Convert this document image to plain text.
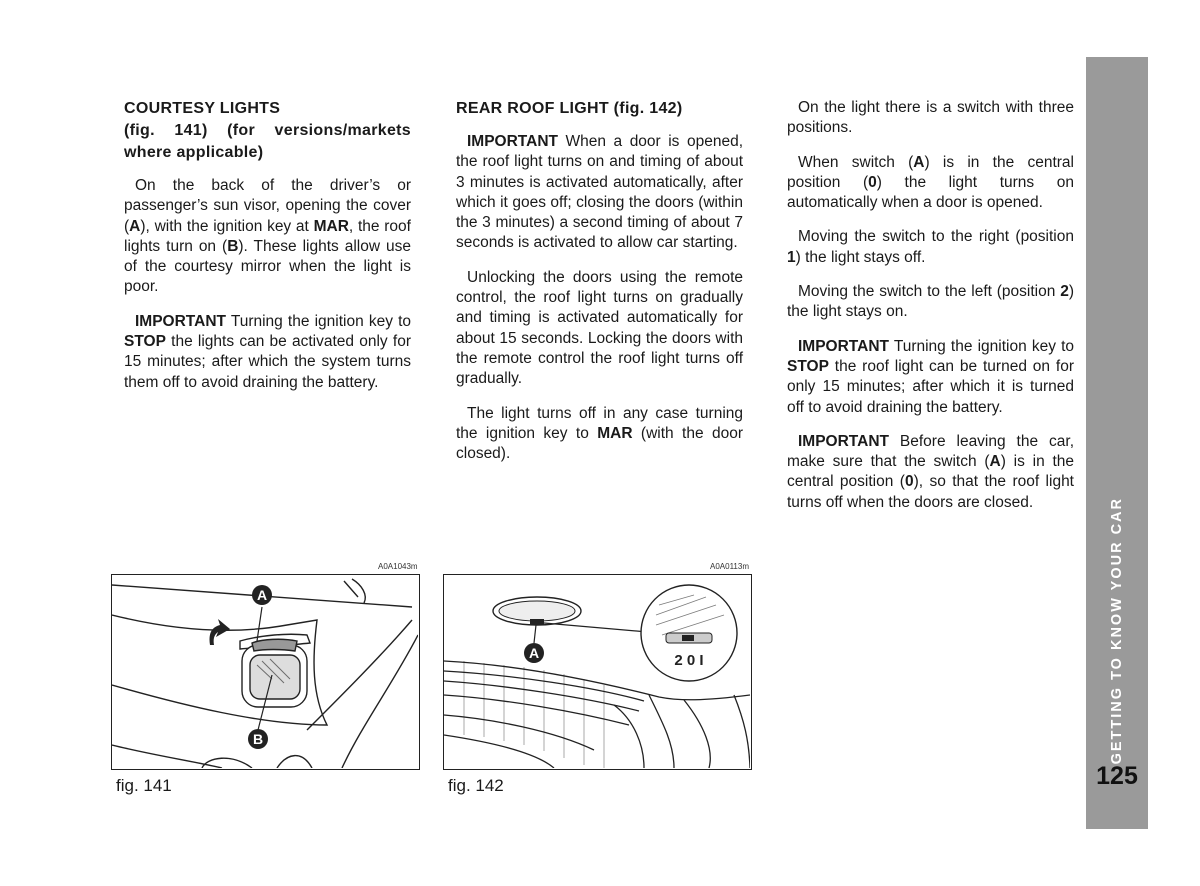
COURTESY LIGHTS
(fig. 141) (for versions/markets where applicable)

On the back of the driver’s or passenger’s sun visor, opening the cover (A), with the ignition key at MAR, the roof lights turn on (B). These lights allow use of the courtesy mirror when the light is poor.

IMPORTANT Turning the ignition key to STOP the lights can be activated only for 15 minutes; after which the system turns them off to avoid draining the battery.

REAR ROOF LIGHT (fig. 142)

IMPORTANT When a door is opened, the roof light turns on and timing of about 3 minutes is activated automatically, after which it goes off; closing the doors (within the 3 minutes) a second timing of about 7 seconds is activated to allow car starting.

Unlocking the doors using the remote control, the roof light turns on gradually and timing is activated automatically for about 15 seconds. Locking the doors with the remote control the roof light turns off gradually.

The light turns off in any case turning the ignition key to MAR (with the door closed).

On the light there is a switch with three positions.

When switch (A) is in the central position (0) the light turns on automatically when a door is opened.

Moving the switch to the right (position 1) the light stays off.

Moving the switch to the left (position 2) the light stays on.

IMPORTANT Turning the ignition key to STOP the roof light can be turned on for only 15 minutes; after which it is turned off to avoid draining the battery.

IMPORTANT Before leaving the car, make sure that the switch (A) is in the central position (0), so that the roof light turns off when the doors are closed.

A0A1043m
A
B
fig. 141
A0A0113m
A	2 0 I
fig. 142
GETTING TO KNOW YOUR CAR
125
